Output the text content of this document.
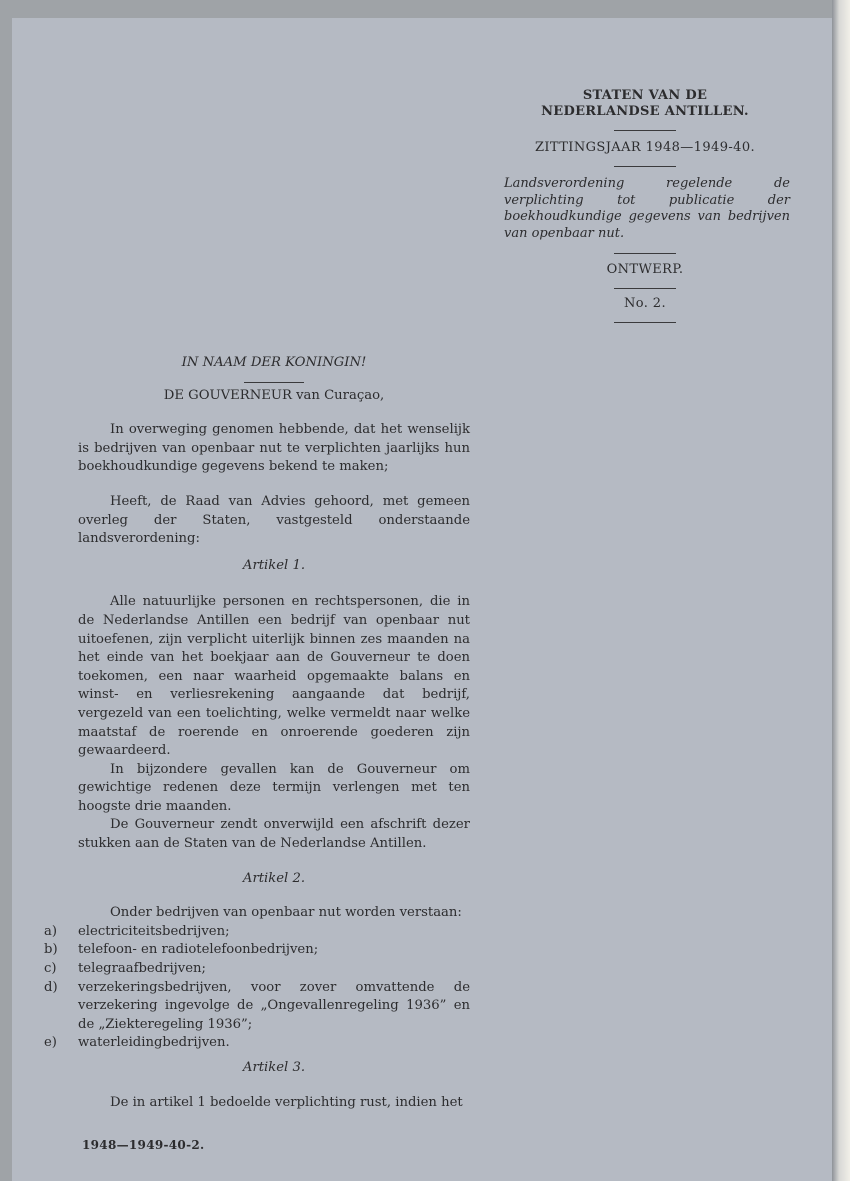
STATEN VAN DE
NEDERLANDSE ANTILLEN.
ZITTINGSJAAR 1948—1949-40.
Landsverordening regelende de verplichting tot publicatie der boekhoudkundige gegevens van bedrijven van openbaar nut.
ONTWERP.
No. 2.
IN NAAM DER KONINGIN!
DE GOUVERNEUR van Curaçao,

In overweging genomen hebbende, dat het wenselijk is bedrijven van openbaar nut te verplichten jaarlijks hun boekhoudkundige gegevens bekend te maken;

Heeft, de Raad van Advies gehoord, met gemeen overleg der Staten, vastgesteld onderstaande landsverordening:

Artikel 1.

Alle natuurlijke personen en rechtspersonen, die in de Nederlandse Antillen een bedrijf van openbaar nut uitoefenen, zijn verplicht uiterlijk binnen zes maanden na het einde van het boekjaar aan de Gouverneur te doen toekomen, een naar waarheid opgemaakte balans en winst- en verliesrekening aangaande dat bedrijf, vergezeld van een toelichting, welke vermeldt naar welke maatstaf de roerende en onroerende goederen zijn gewaardeerd.

In bijzondere gevallen kan de Gouverneur om gewichtige redenen deze termijn verlengen met ten hoogste drie maanden.

De Gouverneur zendt onverwijld een afschrift dezer stukken aan de Staten van de Nederlandse Antillen.

Artikel 2.

Onder bedrijven van openbaar nut worden verstaan:

a)	electriciteitsbedrijven;
b)	telefoon- en radiotelefoonbedrijven;
c)	telegraafbedrijven;
d)	verzekeringsbedrijven, voor zover omvattende de verzekering ingevolge de „Ongevallenregeling 1936” en de „Ziekteregeling 1936”;
e)	waterleidingbedrijven.
Artikel 3.

De in artikel 1 bedoelde verplichting rust, indien het

1948—1949-40-2.
